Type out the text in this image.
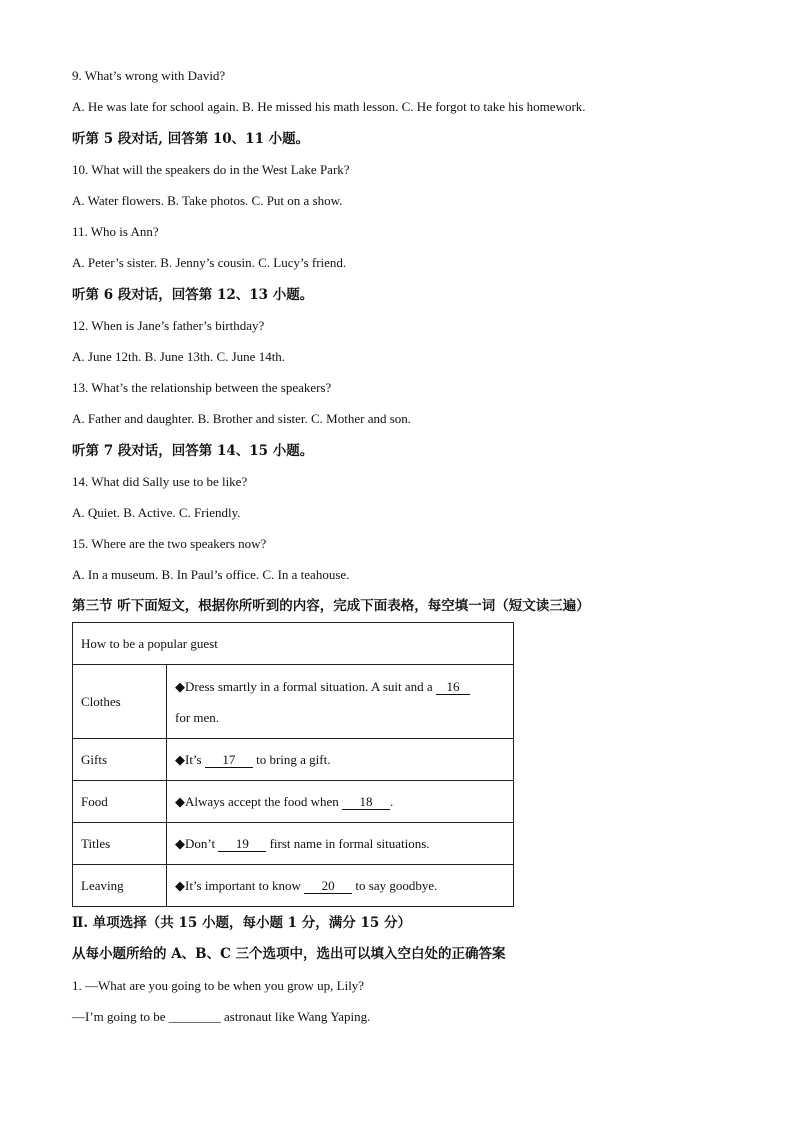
9. What’s wrong with David?
A. He was late for school again. B. He missed his math lesson. C. He forgot to take his homework.
听第 5 段对话, 回答第 10、11 小题。
10. What will the speakers do in the West Lake Park?
A. Water flowers. B. Take photos. C. Put on a show.
11. Who is Ann?
A. Peter’s sister. B. Jenny’s cousin. C. Lucy’s friend.
听第 6 段对话，回答第 12、13 小题。
12. When is Jane’s father’s birthday?
A. June 12th. B. June 13th. C. June 14th.
13. What’s the relationship between the speakers?
A. Father and daughter. B. Brother and sister. C. Mother and son.
听第 7 段对话，回答第 14、15 小题。
14. What did Sally use to be like?
A. Quiet. B. Active. C. Friendly.
15. Where are the two speakers now?
A. In a museum. B. In Paul’s office. C. In a teahouse.
第三节 听下面短文，根据你所听到的内容，完成下面表格，每空填一词（短文读三遍）
How to be a popular guest	
Clothes	◆Dress smartly in a formal situation. A suit and a 16
for men.
Gifts	◆It’s 17 to bring a gift.
Food	◆Always accept the food when 18 .
Titles	◆Don’t 19 first name in formal situations.
Leaving	◆It’s important to know 20 to say goodbye.
Ⅱ. 单项选择（共 15 小题，每小题 1 分，满分 15 分）
从每小题所给的 A、B、C 三个选项中，选出可以填入空白处的正确答案
1. —What are you going to be when you grow up, Lily?
—I’m going to be ________ astronaut like Wang Yaping.
